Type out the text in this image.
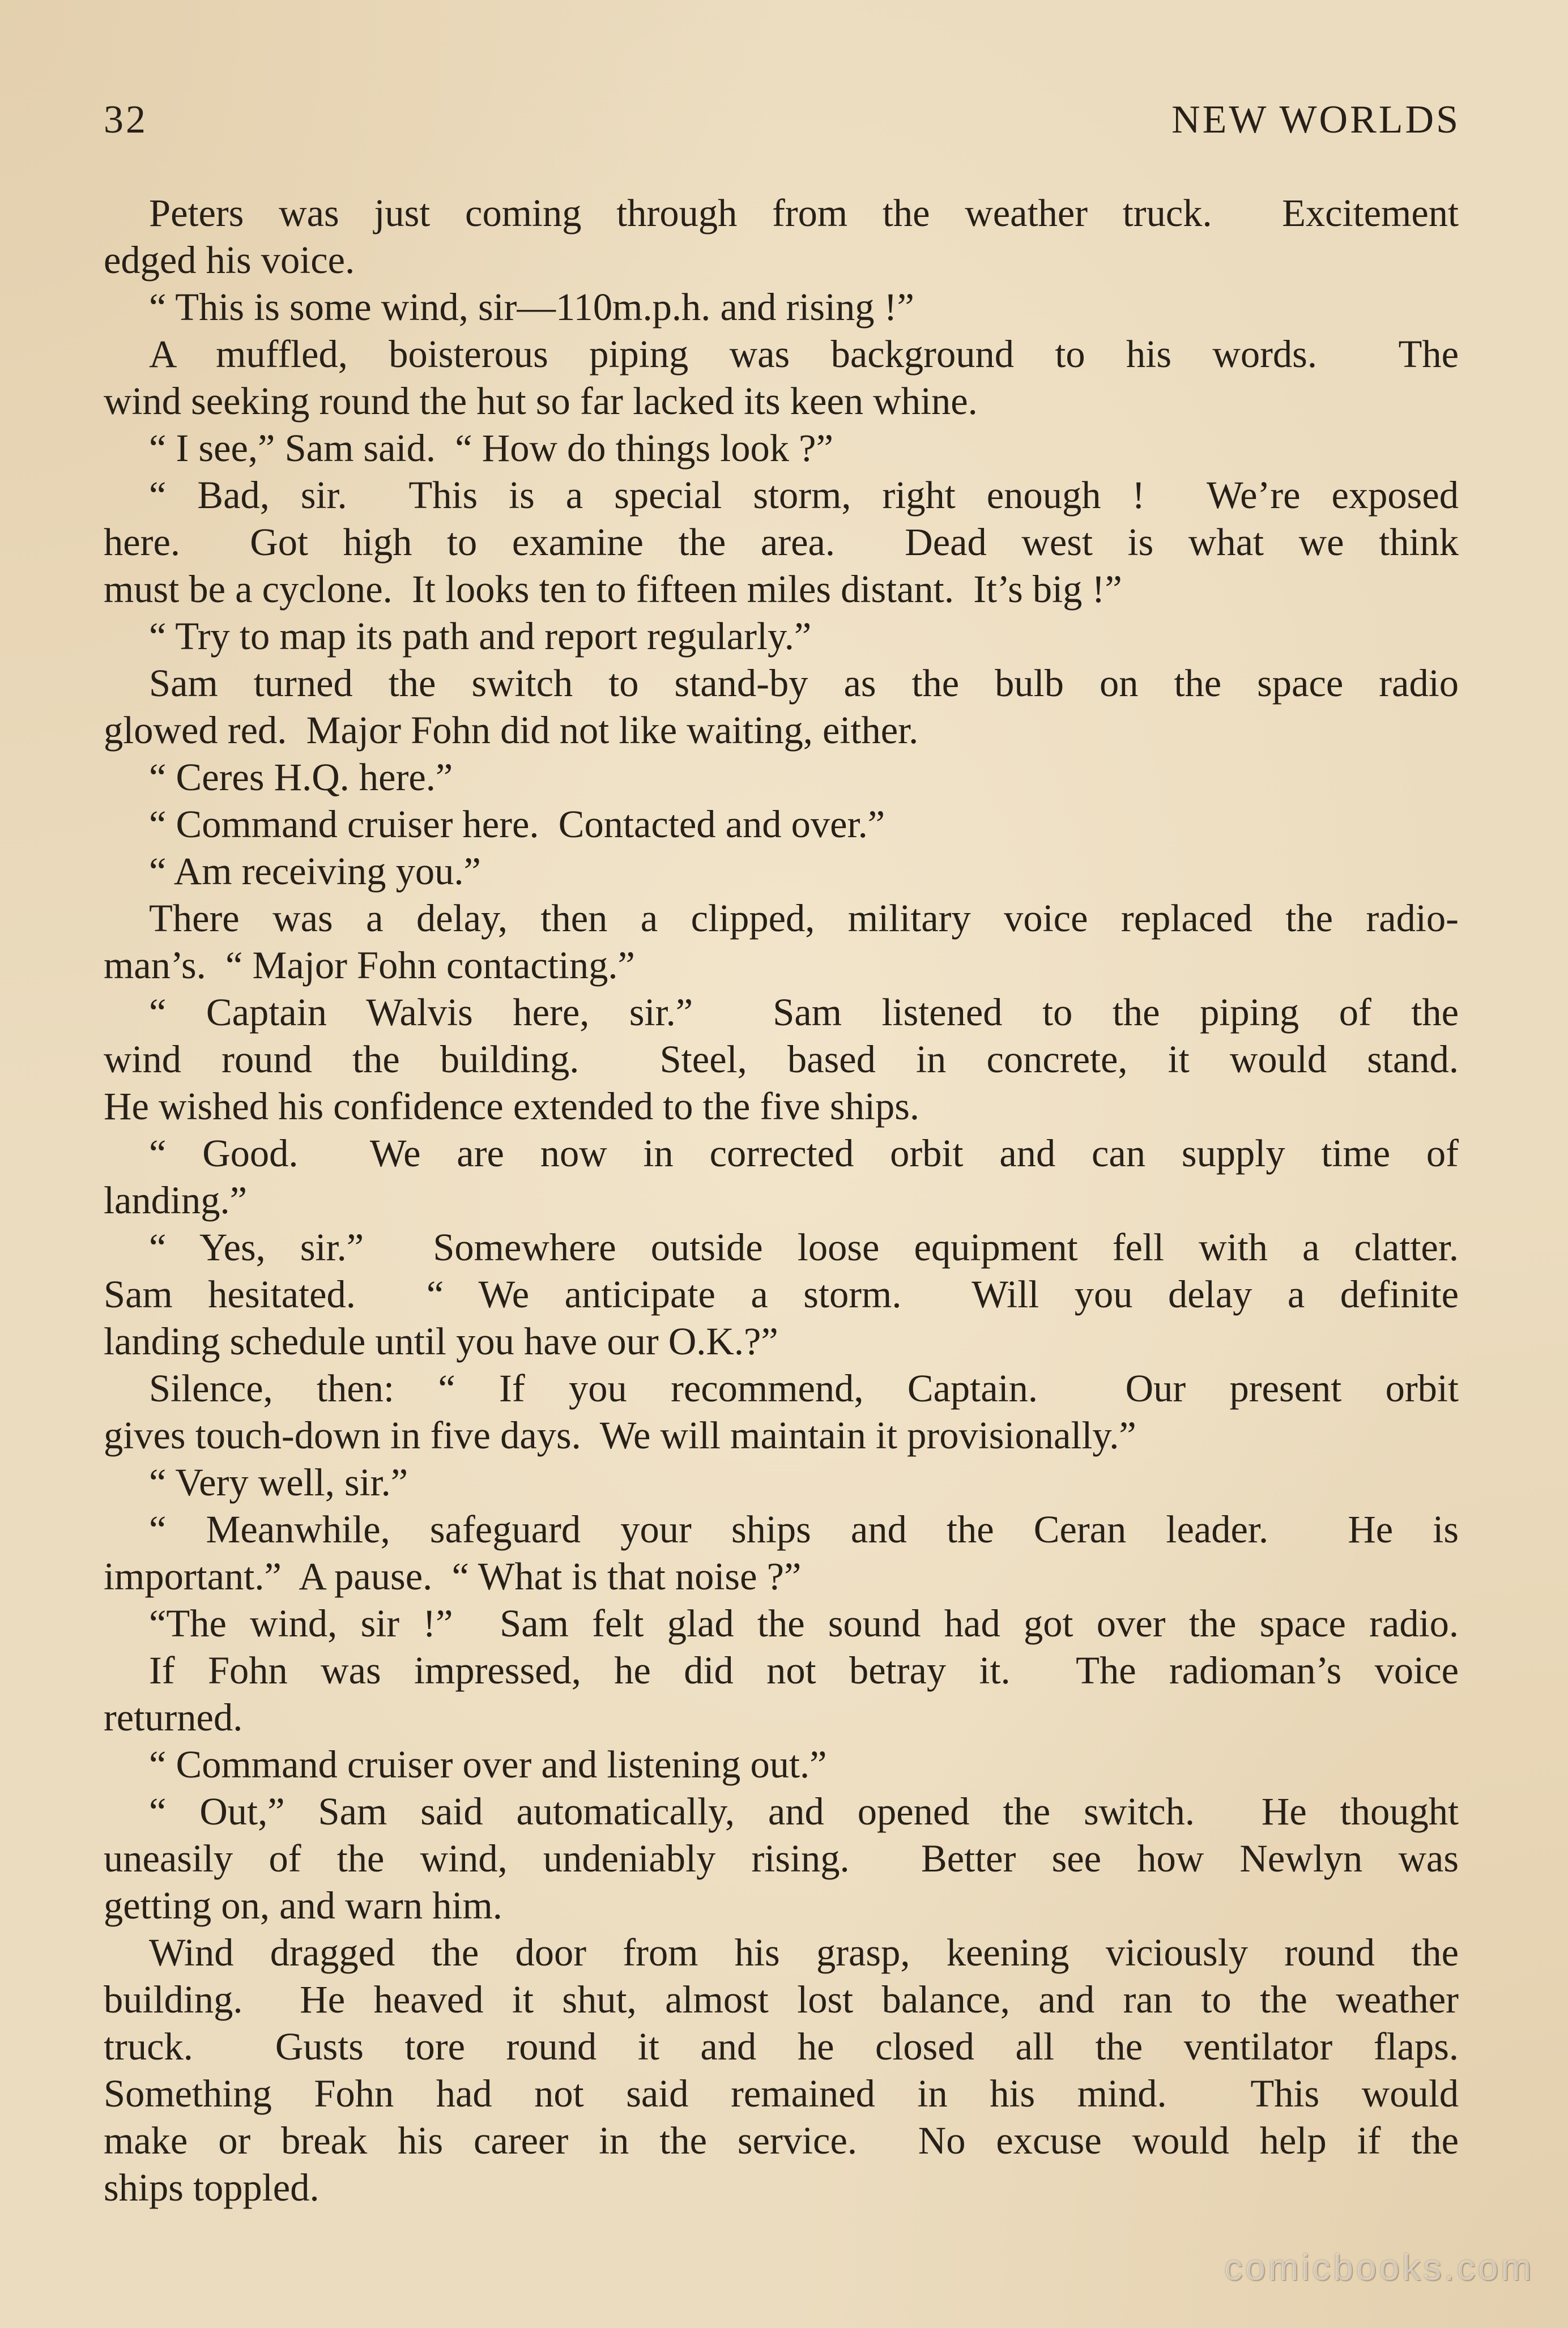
32	NEW WORLDS
Peters was just coming through from the weather truck.  Excitement
edged his voice.
“ This is some wind, sir—110m.p.h. and rising !”
A muffled, boisterous piping was background to his words.  The
wind seeking round the hut so far lacked its keen whine.
“ I see,” Sam said.  “ How do things look ?”
“ Bad, sir.  This is a special storm, right enough !  We’re exposed
here.  Got high to examine the area.  Dead west is what we think
must be a cyclone.  It looks ten to fifteen miles distant.  It’s big !”
“ Try to map its path and report regularly.”
Sam turned the switch to stand-by as the bulb on the space radio
glowed red.  Major Fohn did not like waiting, either.
“ Ceres H.Q. here.”
“ Command cruiser here.  Contacted and over.”
“ Am receiving you.”
There was a delay, then a clipped, military voice replaced the radio-
man’s.  “ Major Fohn contacting.”
“ Captain Walvis here, sir.”  Sam listened to the piping of the
wind round the building.  Steel, based in concrete, it would stand.
He wished his confidence extended to the five ships.
“ Good.  We are now in corrected orbit and can supply time of
landing.”
“ Yes, sir.”  Somewhere outside loose equipment fell with a clatter.
Sam hesitated.  “ We anticipate a storm.  Will you delay a definite
landing schedule until you have our O.K.?”
Silence, then: “ If you recommend, Captain.  Our present orbit
gives touch-down in five days.  We will maintain it provisionally.”
“ Very well, sir.”
“ Meanwhile, safeguard your ships and the Ceran leader.  He is
important.”  A pause.  “ What is that noise ?”
“The wind, sir !”  Sam felt glad the sound had got over the space radio.
If Fohn was impressed, he did not betray it.  The radioman’s voice
returned.
“ Command cruiser over and listening out.”
“ Out,” Sam said automatically, and opened the switch.  He thought
uneasily of the wind, undeniably rising.  Better see how Newlyn was
getting on, and warn him.
Wind dragged the door from his grasp, keening viciously round the
building.  He heaved it shut, almost lost balance, and ran to the weather
truck.  Gusts tore round it and he closed all the ventilator flaps.
Something Fohn had not said remained in his mind.  This would
make or break his career in the service.  No excuse would help if the
ships toppled.
comicbooks.com
